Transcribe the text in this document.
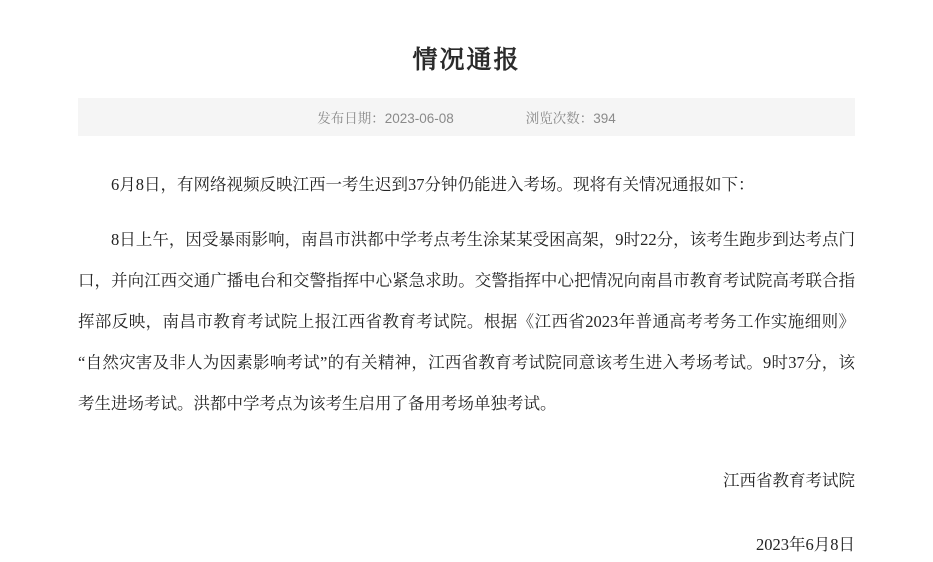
情况通报
发布日期：2023-06-08	浏览次数：394

6月8日，有网络视频反映江西一考生迟到37分钟仍能进入考场。现将有关情况通报如下：

8日上午，因受暴雨影响，南昌市洪都中学考点考生涂某某受困高架，9时22分，该考生跑步到达考点门口，并向江西交通广播电台和交警指挥中心紧急求助。交警指挥中心把情况向南昌市教育考试院高考联合指挥部反映，南昌市教育考试院上报江西省教育考试院。根据《江西省2023年普通高考考务工作实施细则》“自然灾害及非人为因素影响考试”的有关精神，江西省教育考试院同意该考生进入考场考试。9时37分，该考生进场考试。洪都中学考点为该考生启用了备用考场单独考试。

江西省教育考试院
2023年6月8日
